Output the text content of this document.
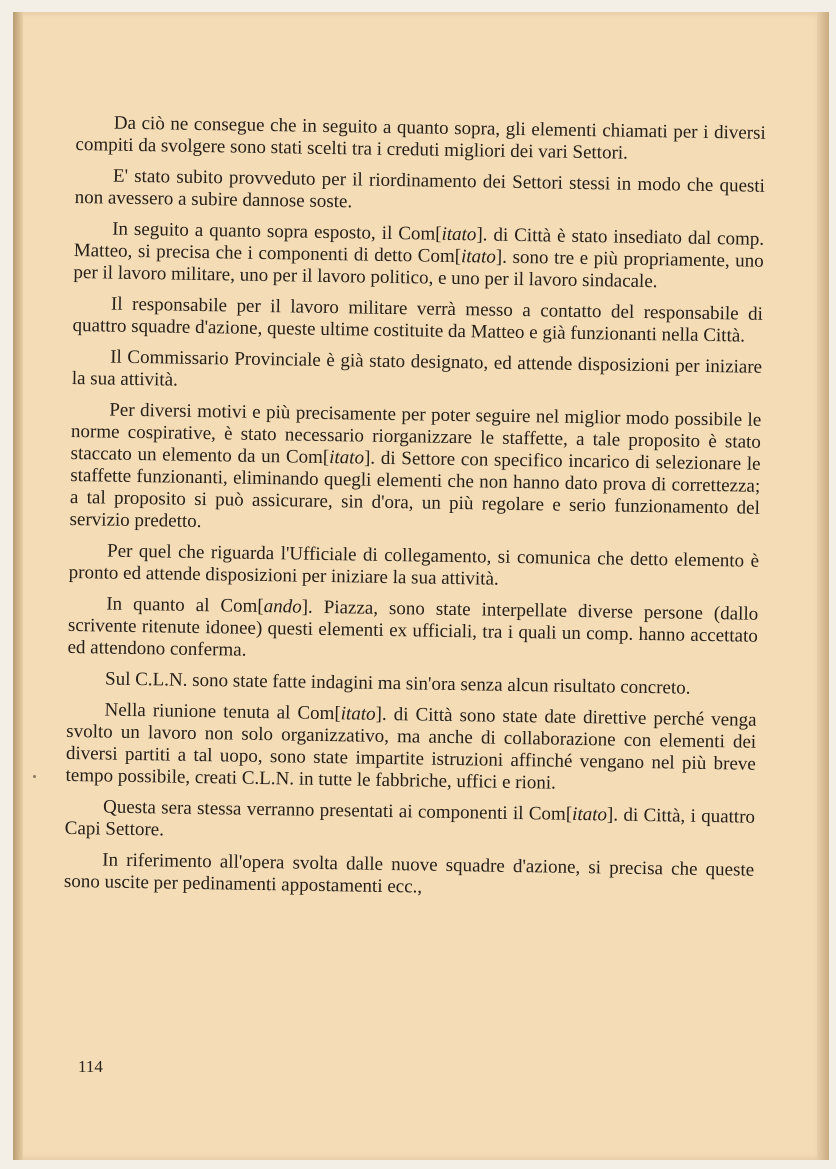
Da ciò ne consegue che in seguito a quanto sopra, gli elementi chiamati per i diversi compiti da svolgere sono stati scelti tra i creduti migliori dei vari Settori.

E' stato subito provveduto per il riordinamento dei Settori stessi in modo che questi non avessero a subire dannose soste.

In seguito a quanto sopra esposto, il Com[itato]. di Città è stato insediato dal comp. Matteo, si precisa che i componenti di detto Com[itato]. sono tre e più propriamente, uno per il lavoro militare, uno per il lavoro politico, e uno per il lavoro sindacale.

Il responsabile per il lavoro militare verrà messo a contatto del responsabile di quattro squadre d'azione, queste ultime costituite da Matteo e già funzionanti nella Città.

Il Commissario Provinciale è già stato designato, ed attende disposizioni per iniziare la sua attività.

Per diversi motivi e più precisamente per poter seguire nel miglior modo possibile le norme cospirative, è stato necessario riorganizzare le staffette, a tale proposito è stato staccato un elemento da un Com[itato]. di Settore con specifico incarico di selezionare le staffette funzionanti, eliminando quegli elementi che non hanno dato prova di correttezza; a tal proposito si può assicurare, sin d'ora, un più regolare e serio funzionamento del servizio predetto.

Per quel che riguarda l'Ufficiale di collegamento, si comunica che detto elemento è pronto ed attende disposizioni per iniziare la sua attività.

In quanto al Com[ando]. Piazza, sono state interpellate diverse persone (dallo scrivente ritenute idonee) questi elementi ex ufficiali, tra i quali un comp. hanno accettato ed attendono conferma.

Sul C.L.N. sono state fatte indagini ma sin'ora senza alcun risultato concreto.

Nella riunione tenuta al Com[itato]. di Città sono state date direttive perché venga svolto un lavoro non solo organizzativo, ma anche di collaborazione con elementi dei diversi partiti a tal uopo, sono state impartite istruzioni affinché vengano nel più breve tempo possibile, creati C.L.N. in tutte le fabbriche, uffici e rioni.

Questa sera stessa verranno presentati ai componenti il Com[itato]. di Città, i quattro Capi Settore.

In riferimento all'opera svolta dalle nuove squadre d'azione, si precisa che queste sono uscite per pedinamenti appostamenti ecc.,

114
